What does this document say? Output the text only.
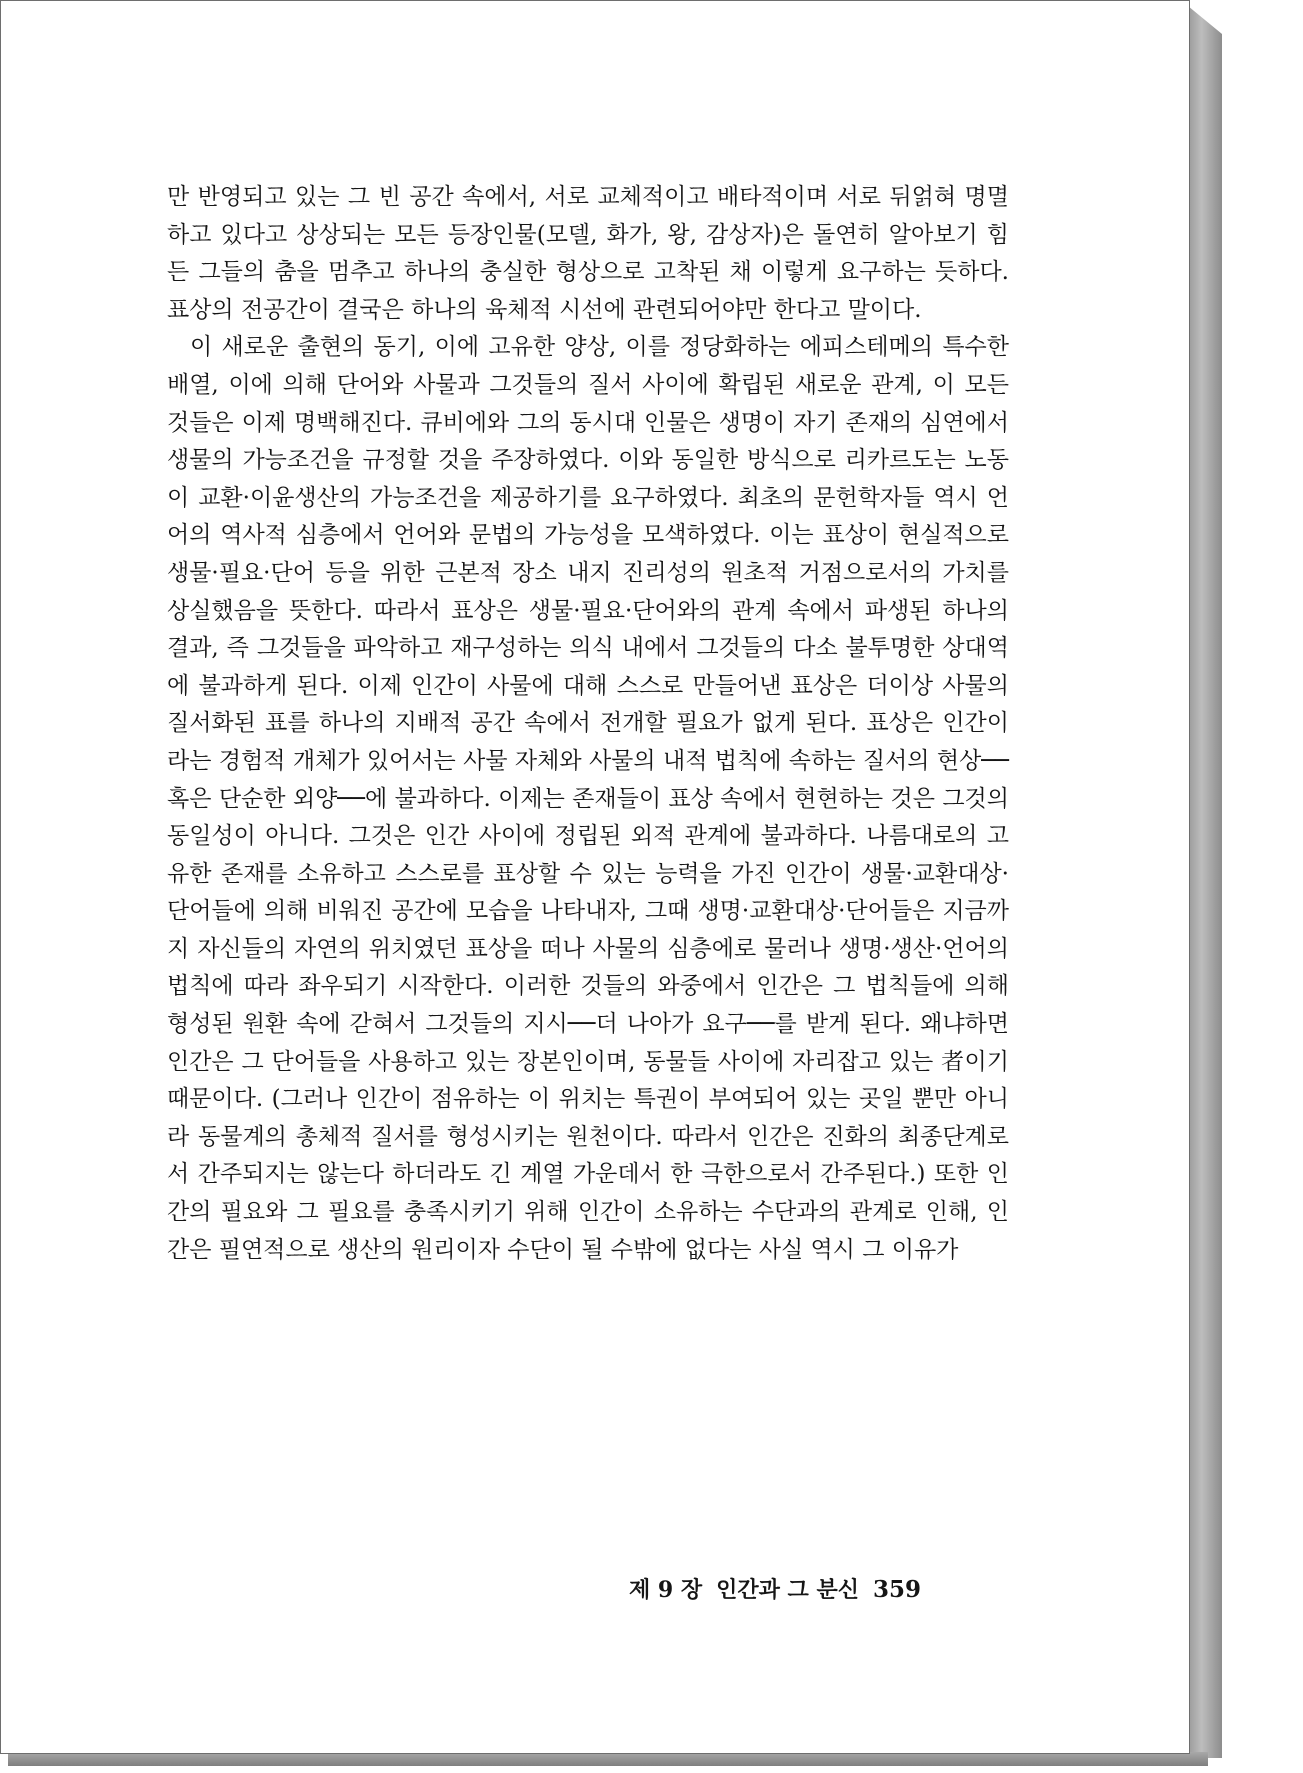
만 반영되고 있는 그 빈 공간 속에서, 서로 교체적이고 배타적이며 서로 뒤얽혀 명멸하고 있다고 상상되는 모든 등장인물(모델, 화가, 왕, 감상자)은 돌연히 알아보기 힘든 그들의 춤을 멈추고 하나의 충실한 형상으로 고착된 채 이렇게 요구하는 듯하다. 표상의 전공간이 결국은 하나의 육체적 시선에 관련되어야만 한다고 말이다.

이 새로운 출현의 동기, 이에 고유한 양상, 이를 정당화하는 에피스테메의 특수한 배열, 이에 의해 단어와 사물과 그것들의 질서 사이에 확립된 새로운 관계, 이 모든 것들은 이제 명백해진다. 큐비에와 그의 동시대 인물은 생명이 자기 존재의 심연에서 생물의 가능조건을 규정할 것을 주장하였다. 이와 동일한 방식으로 리카르도는 노동이 교환·이윤생산의 가능조건을 제공하기를 요구하였다. 최초의 문헌학자들 역시 언어의 역사적 심층에서 언어와 문법의 가능성을 모색하였다. 이는 표상이 현실적으로 생물·필요·단어 등을 위한 근본적 장소 내지 진리성의 원초적 거점으로서의 가치를 상실했음을 뜻한다. 따라서 표상은 생물·필요·단어와의 관계 속에서 파생된 하나의 결과, 즉 그것들을 파악하고 재구성하는 의식 내에서 그것들의 다소 불투명한 상대역에 불과하게 된다. 이제 인간이 사물에 대해 스스로 만들어낸 표상은 더이상 사물의 질서화된 표를 하나의 지배적 공간 속에서 전개할 필요가 없게 된다. 표상은 인간이라는 경험적 개체가 있어서는 사물 자체와 사물의 내적 법칙에 속하는 질서의 현상──혹은 단순한 외양──에 불과하다. 이제는 존재들이 표상 속에서 현현하는 것은 그것의 동일성이 아니다. 그것은 인간 사이에 정립된 외적 관계에 불과하다. 나름대로의 고유한 존재를 소유하고 스스로를 표상할 수 있는 능력을 가진 인간이 생물·교환대상·단어들에 의해 비워진 공간에 모습을 나타내자, 그때 생명·교환대상·단어들은 지금까지 자신들의 자연의 위치였던 표상을 떠나 사물의 심층에로 물러나 생명·생산·언어의 법칙에 따라 좌우되기 시작한다. 이러한 것들의 와중에서 인간은 그 법칙들에 의해 형성된 원환 속에 갇혀서 그것들의 지시──더 나아가 요구──를 받게 된다. 왜냐하면 인간은 그 단어들을 사용하고 있는 장본인이며, 동물들 사이에 자리잡고 있는 者이기 때문이다. (그러나 인간이 점유하는 이 위치는 특권이 부여되어 있는 곳일 뿐만 아니라 동물계의 총체적 질서를 형성시키는 원천이다. 따라서 인간은 진화의 최종단계로서 간주되지는 않는다 하더라도 긴 계열 가운데서 한 극한으로서 간주된다.) 또한 인간의 필요와 그 필요를 충족시키기 위해 인간이 소유하는 수단과의 관계로 인해, 인간은 필연적으로 생산의 원리이자 수단이 될 수밖에 없다는 사실 역시 그 이유가

제 9 장 인간과 그 분신 359
